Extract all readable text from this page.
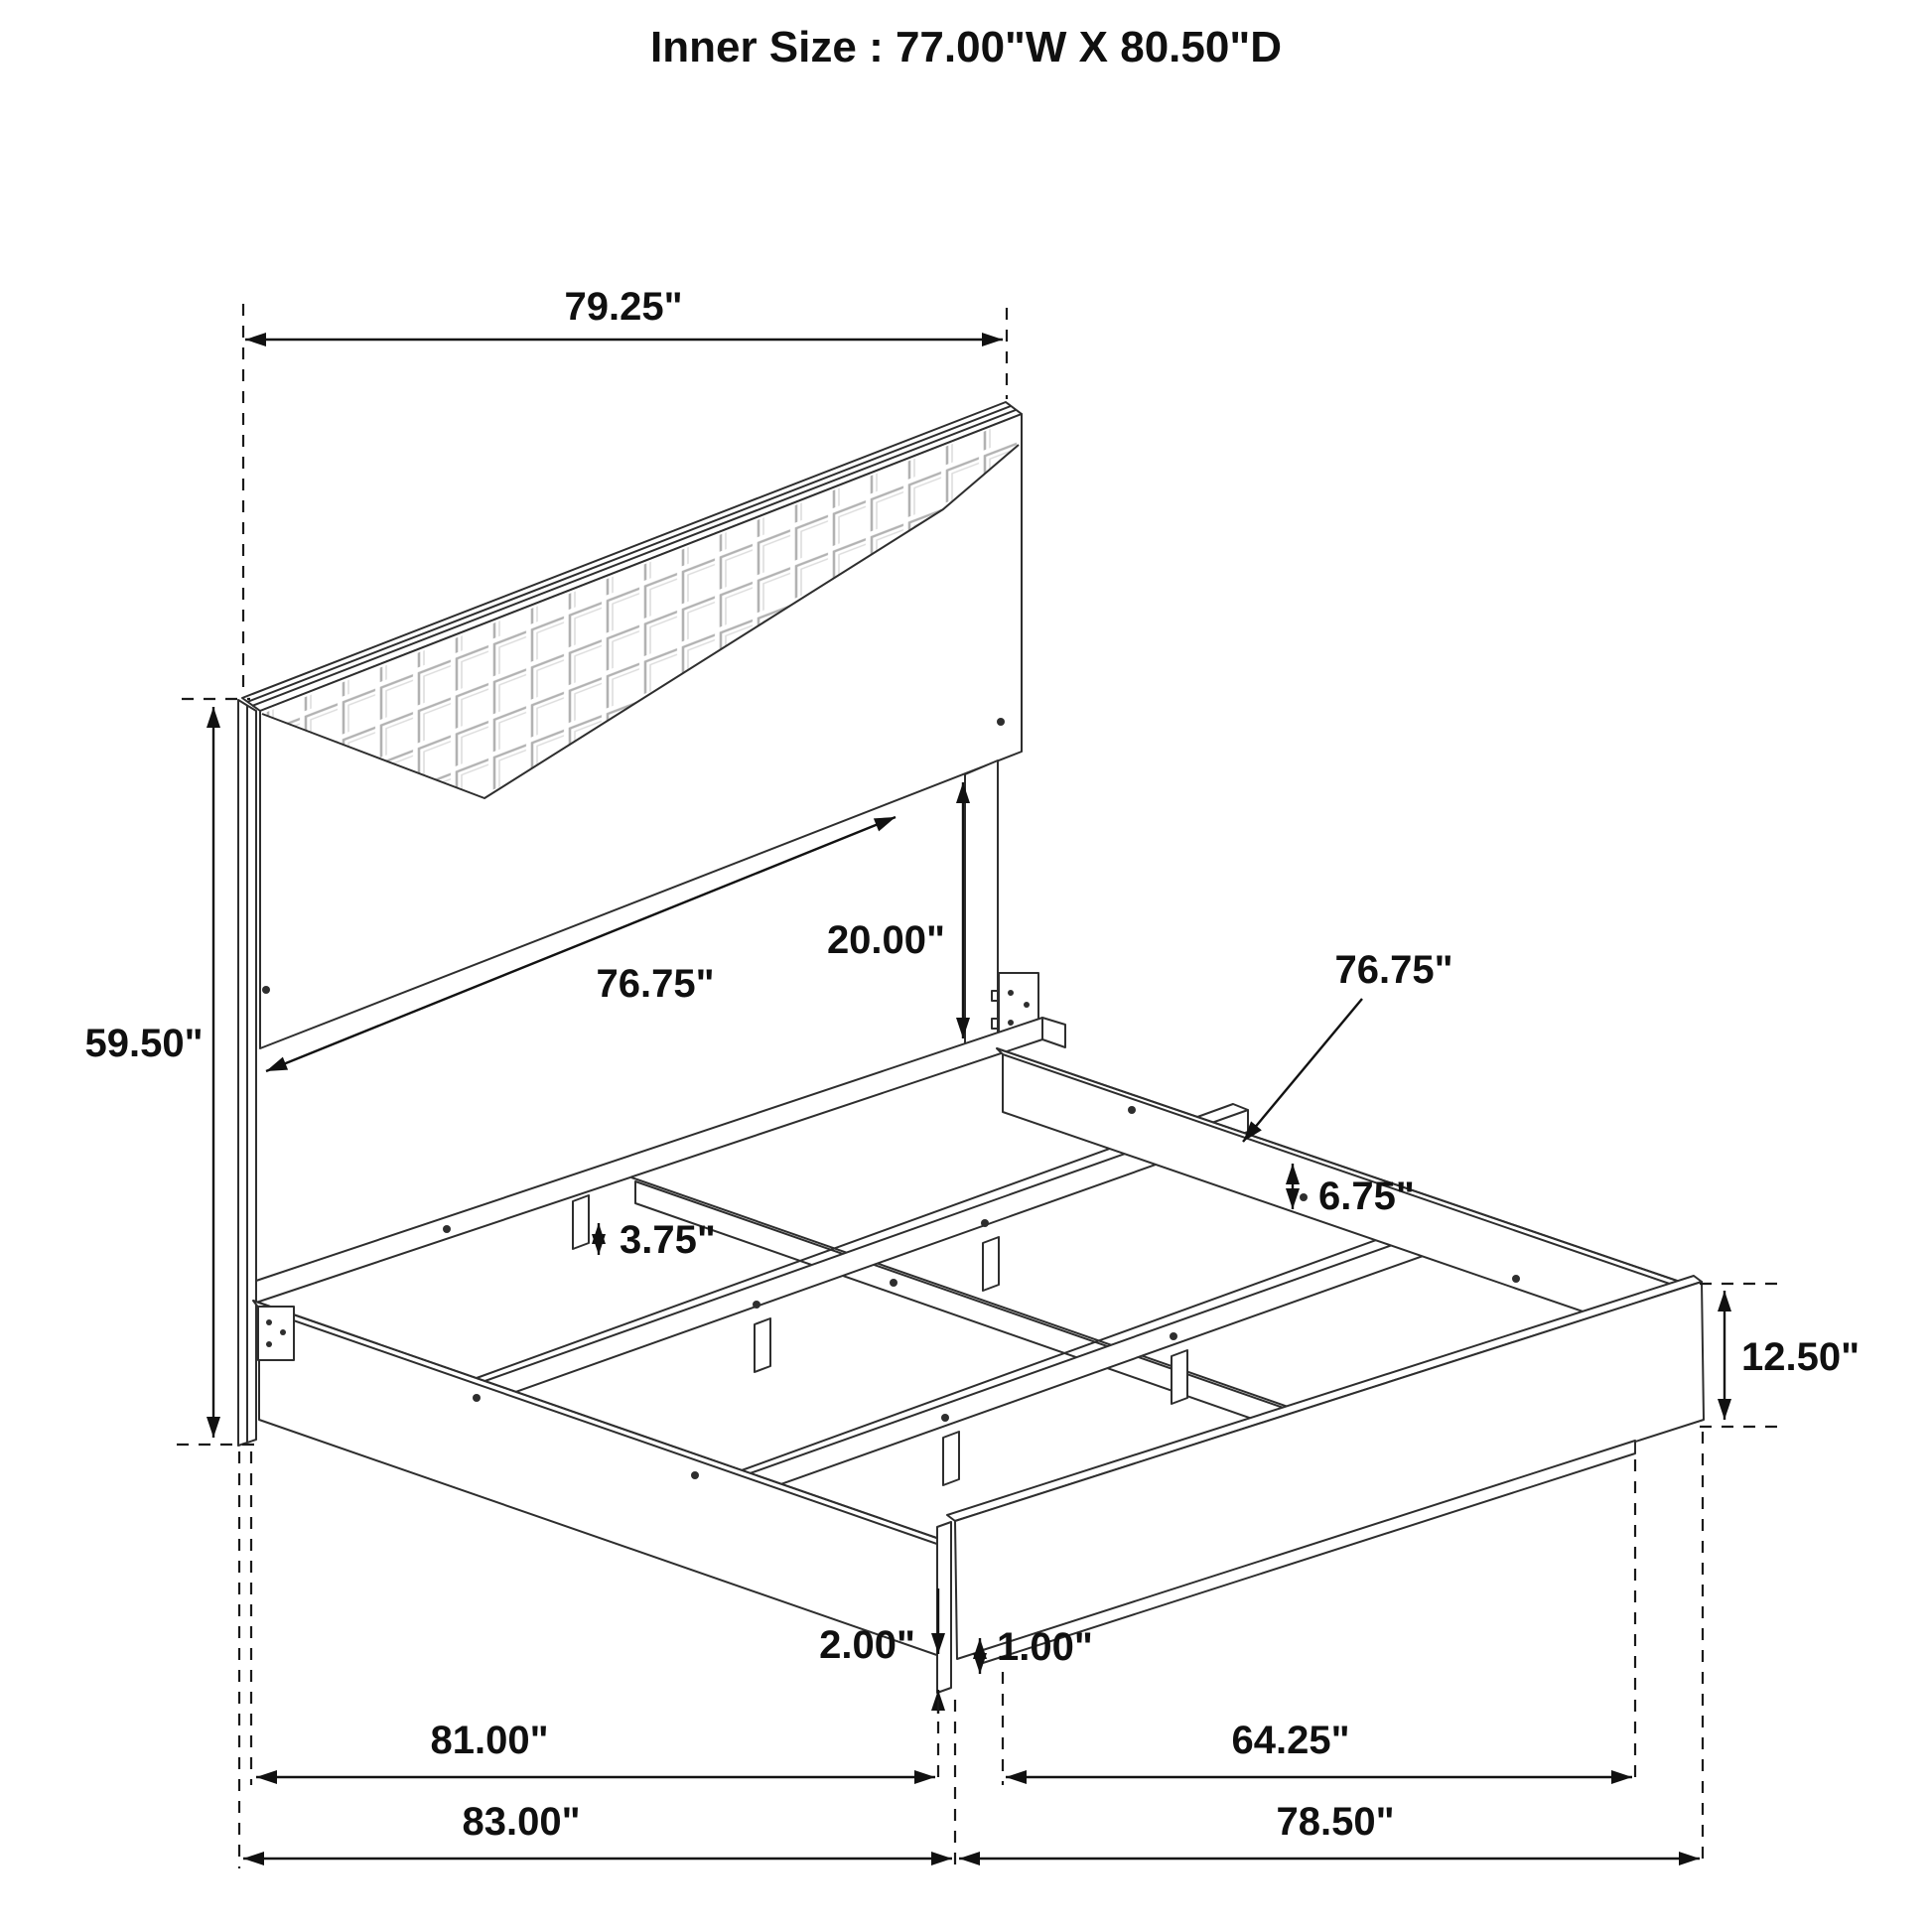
Inner Size : 77.00"W X 80.50"D
79.25"
59.50"
76.75"
20.00"
76.75"
6.75"
3.75"
12.50"
2.00" 1.00"
81.00"	64.25"
83.00"	78.50"
